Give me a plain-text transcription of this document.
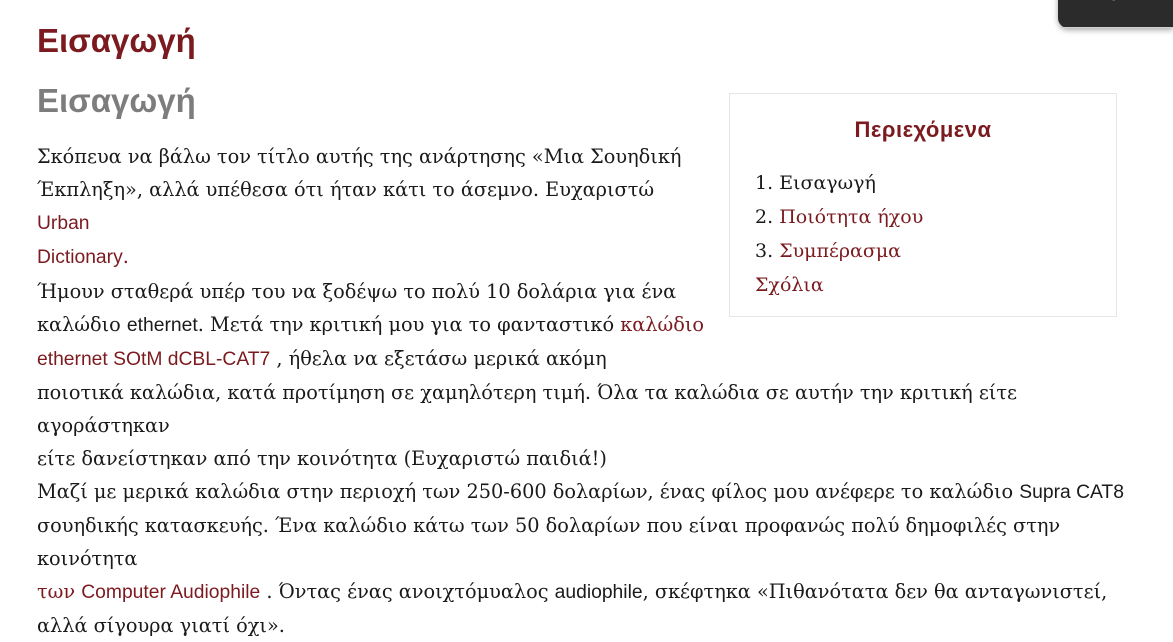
Εισαγωγή
Εισαγωγή
Περιεχόμενα
1. Εισαγωγή
2. Ποιότητα ήχου
3. Συμπέρασμα
Σχόλια

Σκόπευα να βάλω τον τίτλο αυτής της ανάρτησης «Μια Σουηδική
Έκπληξη», αλλά υπέθεσα ότι ήταν κάτι το άσεμνο. Ευχαριστώ Urban
Dictionary.

Ήμουν σταθερά υπέρ του να ξοδέψω το πολύ 10 δολάρια για ένα
καλώδιο ethernet. Μετά την κριτική μου για το φανταστικό καλώδιο
ethernet SOtM dCBL-CAT7 , ήθελα να εξετάσω μερικά ακόμη
ποιοτικά καλώδια, κατά προτίμηση σε χαμηλότερη τιμή. Όλα τα καλώδια σε αυτήν την κριτική είτε αγοράστηκαν
είτε δανείστηκαν από την κοινότητα (Ευχαριστώ παιδιά!)

Μαζί με μερικά καλώδια στην περιοχή των 250-600 δολαρίων, ένας φίλος μου ανέφερε το καλώδιο Supra CAT8
σουηδικής κατασκευής. Ένα καλώδιο κάτω των 50 δολαρίων που είναι προφανώς πολύ δημοφιλές στην κοινότητα
των Computer Audiophile . Όντας ένας ανοιχτόμυαλος audiophile, σκέφτηκα «Πιθανότατα δεν θα ανταγωνιστεί,
αλλά σίγουρα γιατί όχι».
